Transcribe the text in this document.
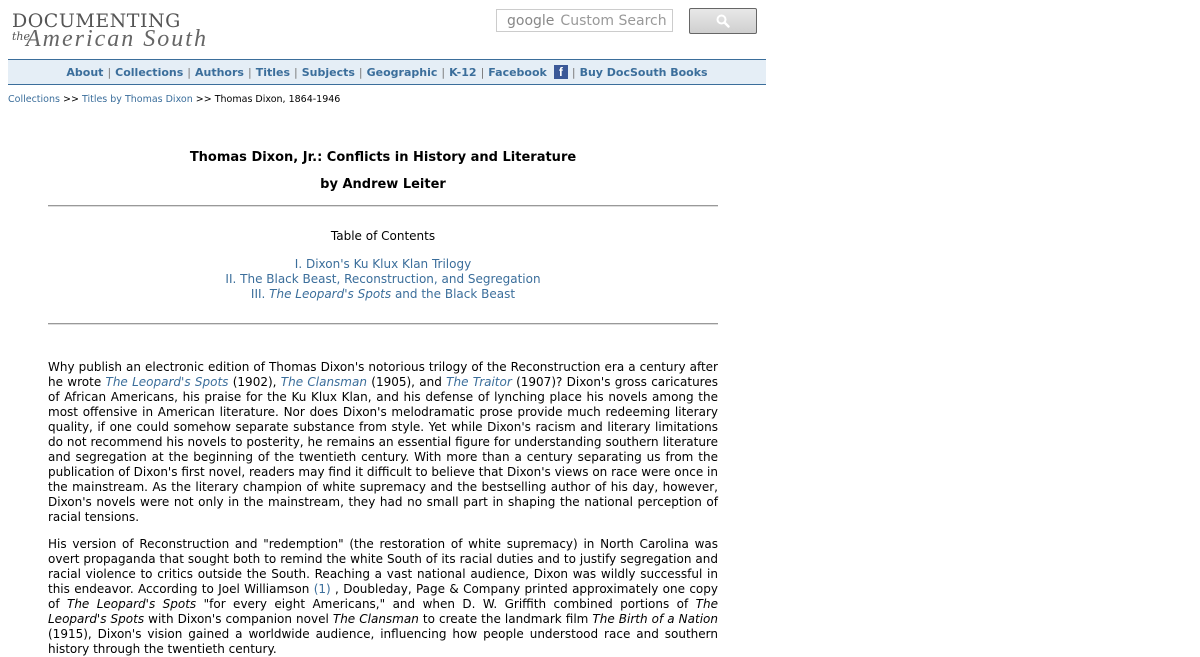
DOCUMENTING
the
American South
google Custom Search
About | Collections | Authors | Titles | Subjects | Geographic | K-12 | Facebook	f | Buy DocSouth Books
Collections >> Titles by Thomas Dixon >> Thomas Dixon, 1864-1946
Thomas Dixon, Jr.: Conflicts in History and Literature

by Andrew Leiter

Table of Contents

I. Dixon's Ku Klux Klan Trilogy
II. The Black Beast, Reconstruction, and Segregation
III. The Leopard's Spots and the Black Beast

Why publish an electronic edition of Thomas Dixon's notorious trilogy of the Reconstruction era a century after he wrote The Leopard's Spots (1902), The Clansman (1905), and The Traitor (1907)? Dixon's gross caricatures of African Americans, his praise for the Ku Klux Klan, and his defense of lynching place his novels among the most offensive in American literature. Nor does Dixon's melodramatic prose provide much redeeming literary quality, if one could somehow separate substance from style. Yet while Dixon's racism and literary limitations do not recommend his novels to posterity, he remains an essential figure for understanding southern literature and segregation at the beginning of the twentieth century. With more than a century separating us from the publication of Dixon's first novel, readers may find it difficult to believe that Dixon's views on race were once in the mainstream. As the literary champion of white supremacy and the bestselling author of his day, however, Dixon's novels were not only in the mainstream, they had no small part in shaping the national perception of racial tensions.

His version of Reconstruction and "redemption" (the restoration of white supremacy) in North Carolina was overt propaganda that sought both to remind the white South of its racial duties and to justify segregation and racial violence to critics outside the South. Reaching a vast national audience, Dixon was wildly successful in this endeavor. According to Joel Williamson (1) , Doubleday, Page & Company printed approximately one copy of The Leopard's Spots "for every eight Americans," and when D. W. Griffith combined portions of The Leopard's Spots with Dixon's companion novel The Clansman to create the landmark film The Birth of a Nation (1915), Dixon's vision gained a worldwide audience, influencing how people understood race and southern history through the twentieth century.
